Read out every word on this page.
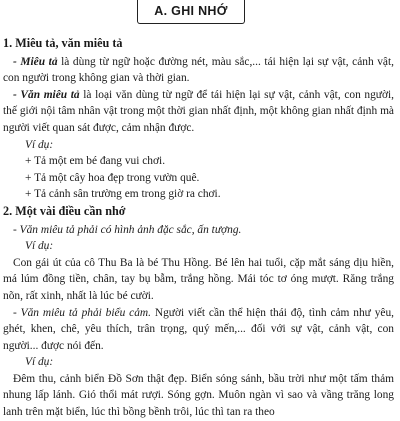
A. GHI NHỚ
1. Miêu tả, văn miêu tả
- Miêu tả là dùng từ ngữ hoặc đường nét, màu sắc,... tái hiện lại sự vật, cảnh vật, con người trong không gian và thời gian.
- Văn miêu tả là loại văn dùng từ ngữ để tái hiện lại sự vật, cảnh vật, con người, thế giới nội tâm nhân vật trong một thời gian nhất định, một không gian nhất định mà người viết quan sát được, cảm nhận được.
Ví dụ:
+ Tả một em bé đang vui chơi.
+ Tả một cây hoa đẹp trong vườn quê.
+ Tả cảnh sân trường em trong giờ ra chơi.
2. Một vài điều cần nhớ
- Văn miêu tả phải có hình ảnh đặc sắc, ấn tượng.
Ví dụ:
Con gái út của cô Thu Ba là bé Thu Hồng. Bé lên hai tuổi, cặp mắt sáng dịu hiền, má lúm đồng tiền, chân, tay bụ bẫm, trắng hồng. Mái tóc tơ óng mượt. Răng trắng nõn, rất xinh, nhất là lúc bé cười.
- Văn miêu tả phải biểu cảm. Người viết cần thể hiện thái độ, tình cảm như yêu, ghét, khen, chê, yêu thích, trân trọng, quý mến,... đối với sự vật, cảnh vật, con người... được nói đến.
Ví dụ:
Đêm thu, cảnh biển Đồ Sơn thật đẹp. Biển sóng sánh, bầu trời như một tấm thảm nhung lấp lánh. Gió thổi mát rượi. Sóng gợn. Muôn ngàn vì sao và vầng trăng long lanh trên mặt biển, lúc thì bồng bềnh trôi, lúc thì tan ra theo
